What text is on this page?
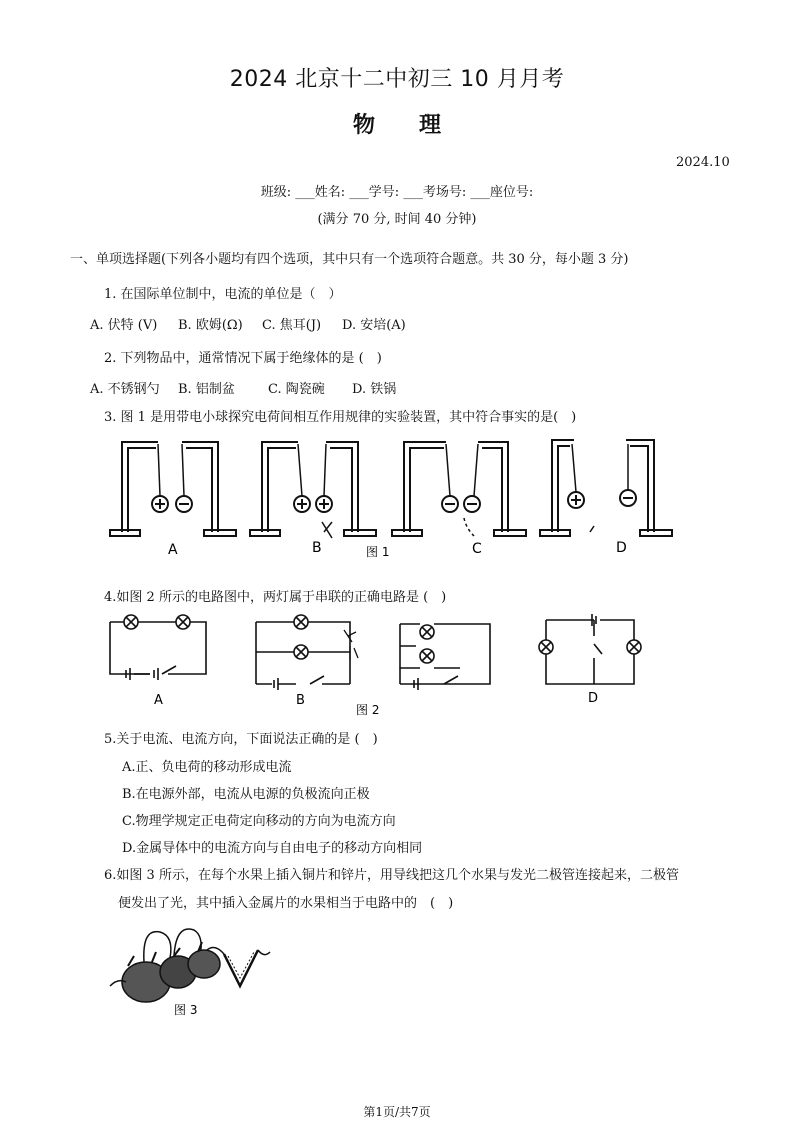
2024 北京十二中初三 10 月月考
物 理
2024.10
班级: ___姓名: ___学号: ___考场号: ___座位号:
(满分 70 分, 时间 40 分钟)
一、单项选择题(下列各小题均有四个选项，其中只有一个选项符合题意。共 30 分，每小题 3 分)
1. 在国际单位制中，电流的单位是（　）
A. 伏特 (V) B. 欧姆(Ω) C. 焦耳(J) D. 安培(A)
2. 下列物品中，通常情况下属于绝缘体的是 (　)
A. 不锈钢勺 B. 铝制盆	C. 陶瓷碗 D. 铁锅
3. 图 1 是用带电小球探究电荷间相互作用规律的实验装置，其中符合事实的是(　)
A	B	图 1	C	D
4.如图 2 所示的电路图中，两灯属于串联的正确电路是 (　)
A	B
图 2
D
5.关于电流、电流方向，下面说法正确的是 (　)
A.正、负电荷的移动形成电流
B.在电源外部，电流从电源的负极流向正极
C.物理学规定正电荷定向移动的方向为电流方向
D.金属导体中的电流方向与自由电子的移动方向相同
6.如图 3 所示，在每个水果上插入铜片和锌片，用导线把这几个水果与发光二极管连接起来，二极管
便发出了光，其中插入金属片的水果相当于电路中的　(　)
图 3
第1页/共7页
